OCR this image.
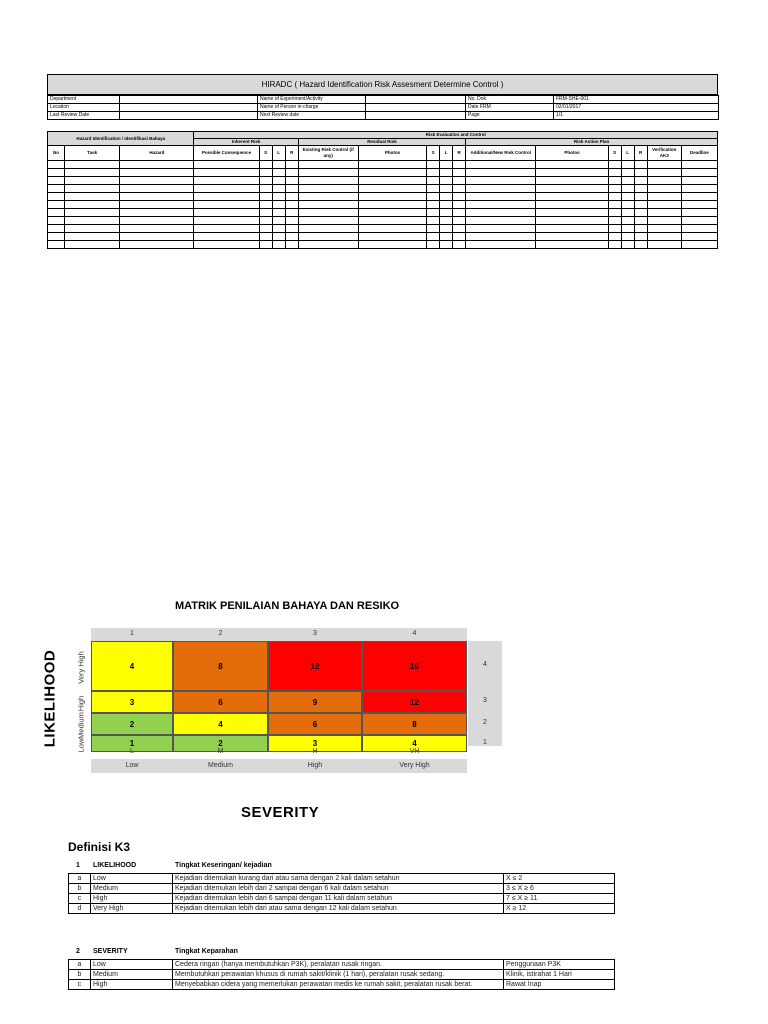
HIRADC ( Hazard Identification Risk Assesment Determine Control )
Department		Name of Experiment/Activity		No. Dok	FRM-SHE-001
Location		Name of Person in-charge		Date FRM	02/01/2017
Last Review Date		Next Review date		Page	1/1
Hazard Identification / Identifikasi Bahaya			Risk Evaluation and Control															
			Inherent Risk				Residual Risk					Risk Action Plan						
No	Task	Hazard	Possible Consequence	S	L	R	Existing Risk Control (if any)	Photos	S	L	R	Additional/New Risk Control	Photos	S	L	R	Verification AK3	Deadline

MATRIK PENILAIAN BAHAYA DAN RESIKO
LIKELIHOOD Very High
High
Medium
Low
1	2	3	4
4	8	12	16
3	6	9	12
2	4	6	8
1	2	3	4
4
3
2
1
L	M	H	VH
Low	Medium	High	Very High
SEVERITY
Definisi K3
1 LIKELIHOOD	Tingkat Keseringan/ kejadian
a	Low	Kejadian ditemukan kurang dari atau sama dengan 2 kali dalam setahun	X ≤ 2
b	Medium	Kejadian ditemukan lebih dari 2 sampai dengan 6 kali dalam setahun	3 ≤ X ≥ 6
c	High	Kejadian ditemukan lebih dari 6 sampai dengan 11 kali dalam setahun	7 ≤ X ≥ 11
d	Very High	Kejadian ditemukan lebih dari atau sama dengan 12 kali dalam setahun	X ≥ 12
2 SEVERITY	Tingkat Keparahan
a	Low	Cedera ringan (hanya membutuhkan P3K), peralatan rusak ringan.	Penggunaan P3K
b	Medium	Membutuhkan perawatan khusus di rumah sakit/klinik (1 hari), peralatan rusak sedang.	Klinik, istirahat 1 Hari
c	High	Menyebabkan cidera yang memerlukan perawatan medis ke rumah sakit, peralatan rusak berat.	Rawat Inap
